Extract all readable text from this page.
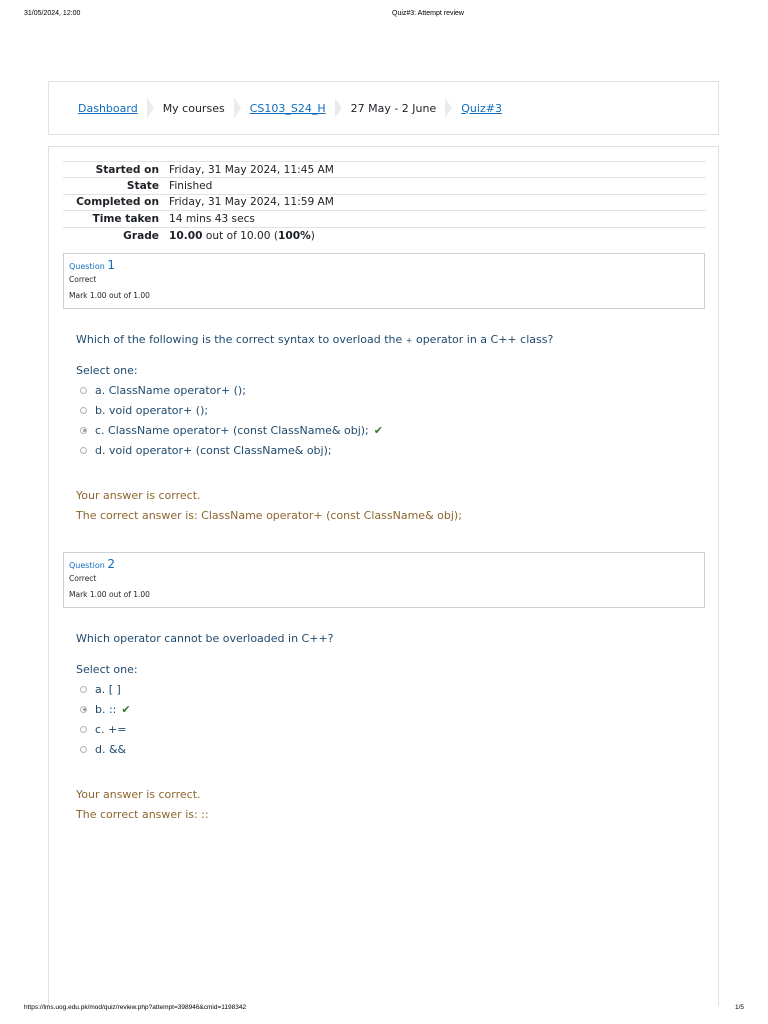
31/05/2024, 12:00	Quiz#3: Attempt review
Dashboard My courses CS103_S24_H 27 May - 2 June Quiz#3
Started on	Friday, 31 May 2024, 11:45 AM
State	Finished
Completed on	Friday, 31 May 2024, 11:59 AM
Time taken	14 mins 43 secs
Grade	10.00 out of 10.00 (100%)
Question 1
Correct
Mark 1.00 out of 1.00
Which of the following is the correct syntax to overload the + operator in a C++ class?
Select one:
a. ClassName operator+ ();
b. void operator+ ();
c. ClassName operator+ (const ClassName& obj); ✔
d. void operator+ (const ClassName& obj);
Your answer is correct.
The correct answer is: ClassName operator+ (const ClassName& obj);
Question 2
Correct
Mark 1.00 out of 1.00
Which operator cannot be overloaded in C++?
Select one:
a. [ ]
b. :: ✔
c. +=
d. &&
Your answer is correct.
The correct answer is: ::
https://lms.uog.edu.pk/mod/quiz/review.php?attempt=398946&cmid=1198342	1/5
